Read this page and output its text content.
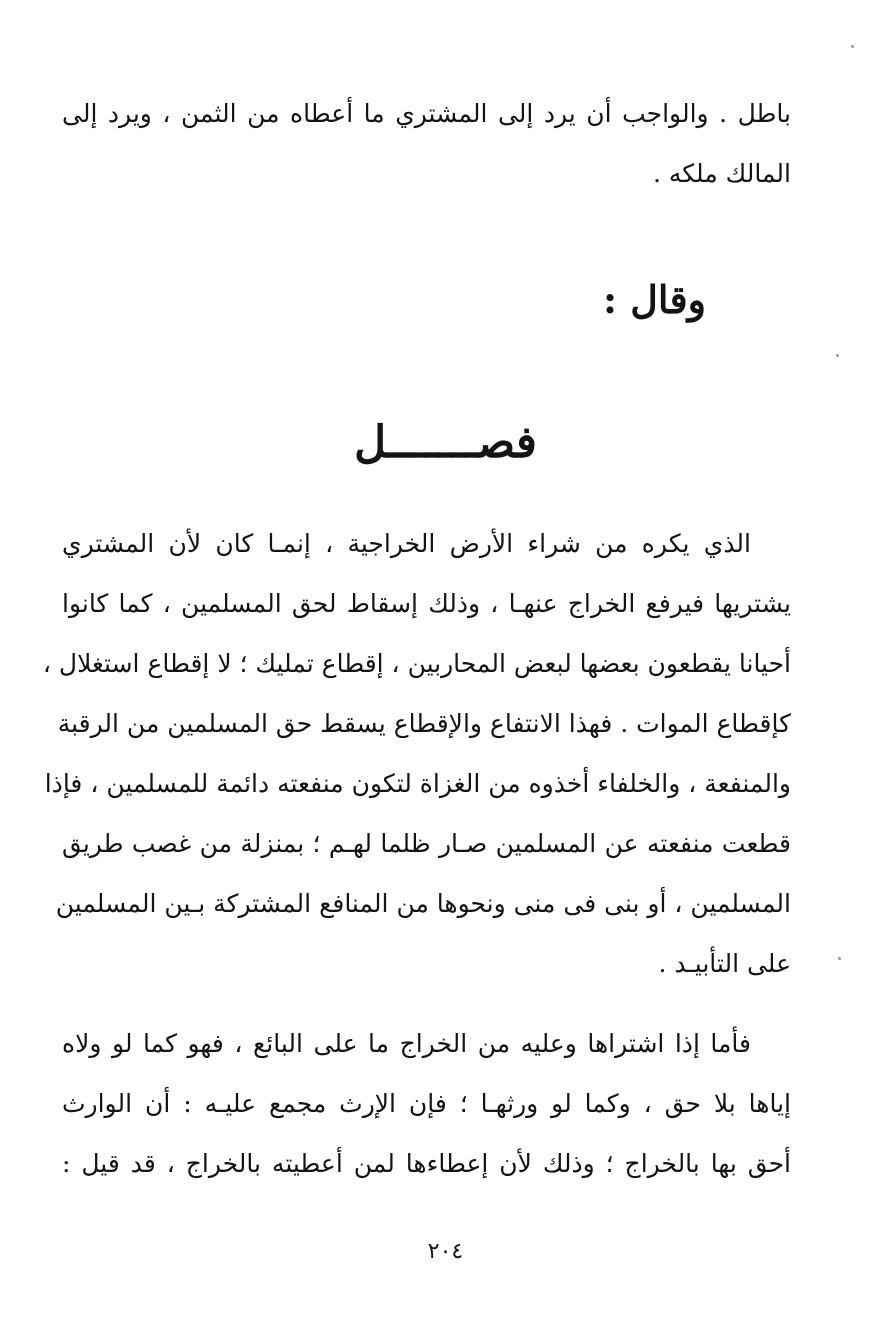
باطل . والواجب أن يرد إلى المشتري ما أعطاه من الثمن ، ويرد إلى
المالك ملكه .

وقال :
فصـــــــل

الذي يكره من شراء الأرض الخراجية ، إنمـا كان لأن المشتري
يشتريها فيرفع الخراج عنهـا ، وذلك إسقاط لحق المسلمين ، كما كانوا
أحيانا يقطعون بعضها لبعض المحاربين ، إقطاع تمليك ؛ لا إقطاع استغلال ،
كإقطاع الموات . فهذا الانتفاع والإقطاع يسقط حق المسلمين من الرقبة
والمنفعة ، والخلفاء أخذوه من الغزاة لتكون منفعته دائمة للمسلمين ، فإذا
قطعت منفعته عن المسلمين صـار ظلما لهـم ؛ بمنزلة من غصب طريق
المسلمين ، أو بنى فى منى ونحوها من المنافع المشتركة بـين المسلمين
على التأبيـد .

فأما إذا اشتراها وعليه من الخراج ما على البائع ، فهو كما لو ولاه
إياها بلا حق ، وكما لو ورثهـا ؛ فإن الإرث مجمع عليـه : أن الوارث
أحق بها بالخراج ؛ وذلك لأن إعطاءها لمن أعطيته بالخراج ، قد قيل :

٢٠٤
